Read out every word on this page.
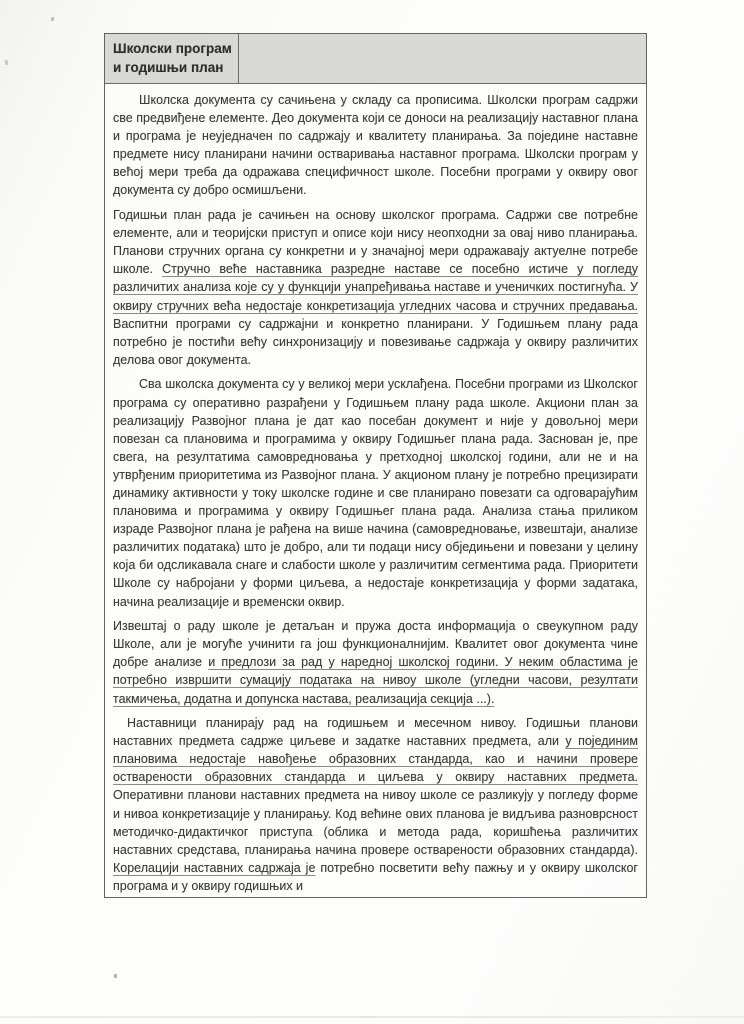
Школски програм и годишњи план

Школска документа су сачињена у складу са прописима. Школски програм садржи све предвиђене елементе. Део документа који се доноси на реализацију наставног плана и програма је неуједначен по садржају и квалитету планирања. За поједине наставне предмете нису планирани начини остваривања наставног програма. Школски програм у већој мери треба да одражава специфичност школе. Посебни програми у оквиру овог документа су добро осмишљени.

Годишњи план рада је сачињен на основу школског програма. Садржи све потребне елементе, али и теоријски приступ и описе који нису неопходни за овај ниво планирања. Планови стручних органа су конкретни и у значајној мери одражавају актуелне потребе школе. Стручно веће наставника разредне наставе се посебно истиче у погледу различитих анализа које су у функцији унапређивања наставе и ученичких постигнућа. У оквиру стручних већа недостаје конкретизација угледних часова и стручних предавања. Васпитни програми су садржајни и конкретно планирани. У Годишњем плану рада потребно је постићи већу синхронизацију и повезивање садржаја у оквиру различитих делова овог документа.

Сва школска документа су у великој мери усклађена. Посебни програми из Школског програма су оперативно разрађени у Годишњем плану рада школе. Акциони план за реализацију Развојног плана је дат као посебан документ и није у довољној мери повезан са плановима и програмима у оквиру Годишњег плана рада. Заснован је, пре свега, на резултатима самовредновања у претходној школској години, али не и на утврђеним приоритетима из Развојног плана. У акционом плану је потребно прецизирати динамику активности у току школске године и све планирано повезати са одговарајућим плановима и програмима у оквиру Годишњег плана рада. Анализа стања приликом израде Развојног плана је рађена на више начина (самовредновање, извештаји, анализе различитих података) што је добро, али ти подаци нису обједињени и повезани у целину која би одсликавала снаге и слабости школе у различитим сегментима рада. Приоритети Школе су набројани у форми циљева, а недостаје конкретизација у форми задатака, начина реализације и временски оквир.

Извештај о раду школе је детаљан и пружа доста информација о свеукупном раду Школе, али је могуће учинити га још функционалнијим. Квалитет овог документа чине добре анализе и предлози за рад у наредној школској години. У неким областима је потребно извршити сумацију података на нивоу школе (угледни часови, резултати такмичења, додатна и допунска настава, реализација секција ...).

Наставници планирају рад на годишњем и месечном нивоу. Годишњи планови наставних предмета садрже циљеве и задатке наставних предмета, али у појединим плановима недостаје навођење образовних стандарда, као и начини провере остварености образовних стандарда и циљева у оквиру наставних предмета. Оперативни планови наставних предмета на нивоу школе се разликују у погледу форме и нивоа конкретизације у планирању. Код већине ових планова је видљива разноврсност методичко-дидактичког приступа (облика и метода рада, коришћења различитих наставних средстава, планирања начина провере остварености образовних стандарда). Корелацији наставних садржаја је потребно посветити већу пажњу и у оквиру школског програма и у оквиру годишњих и
